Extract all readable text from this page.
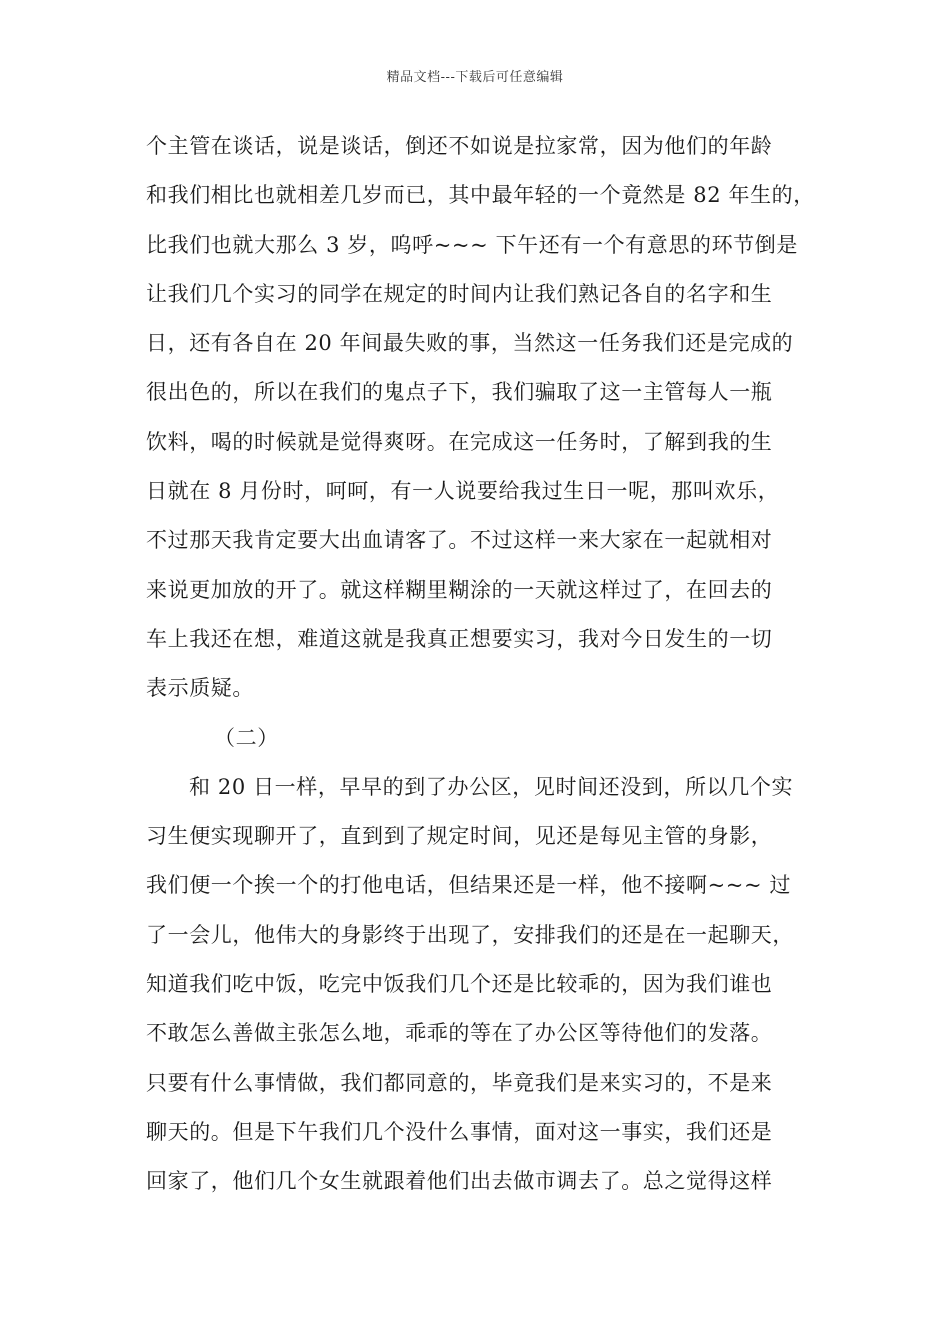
精品文档---下载后可任意编辑
个主管在谈话，说是谈话，倒还不如说是拉家常，因为他们的年龄
和我们相比也就相差几岁而已，其中最年轻的一个竟然是 82 年生的，
比我们也就大那么 3 岁，呜呼~~~ 下午还有一个有意思的环节倒是
让我们几个实习的同学在规定的时间内让我们熟记各自的名字和生
日，还有各自在 20 年间最失败的事，当然这一任务我们还是完成的
很出色的，所以在我们的鬼点子下，我们骗取了这一主管每人一瓶
饮料，喝的时候就是觉得爽呀。在完成这一任务时，了解到我的生
日就在 8 月份时，呵呵，有一人说要给我过生日一呢，那叫欢乐，
不过那天我肯定要大出血请客了。不过这样一来大家在一起就相对
来说更加放的开了。就这样糊里糊涂的一天就这样过了，在回去的
车上我还在想，难道这就是我真正想要实习，我对今日发生的一切
表示质疑。
（二）
和 20 日一样，早早的到了办公区，见时间还没到，所以几个实
习生便实现聊开了，直到到了规定时间，见还是每见主管的身影，
我们便一个挨一个的打他电话，但结果还是一样，他不接啊~~~ 过
了一会儿，他伟大的身影终于出现了，安排我们的还是在一起聊天，
知道我们吃中饭，吃完中饭我们几个还是比较乖的，因为我们谁也
不敢怎么善做主张怎么地，乖乖的等在了办公区等待他们的发落。
只要有什么事情做，我们都同意的，毕竟我们是来实习的，不是来
聊天的。但是下午我们几个没什么事情，面对这一事实，我们还是
回家了，他们几个女生就跟着他们出去做市调去了。总之觉得这样
